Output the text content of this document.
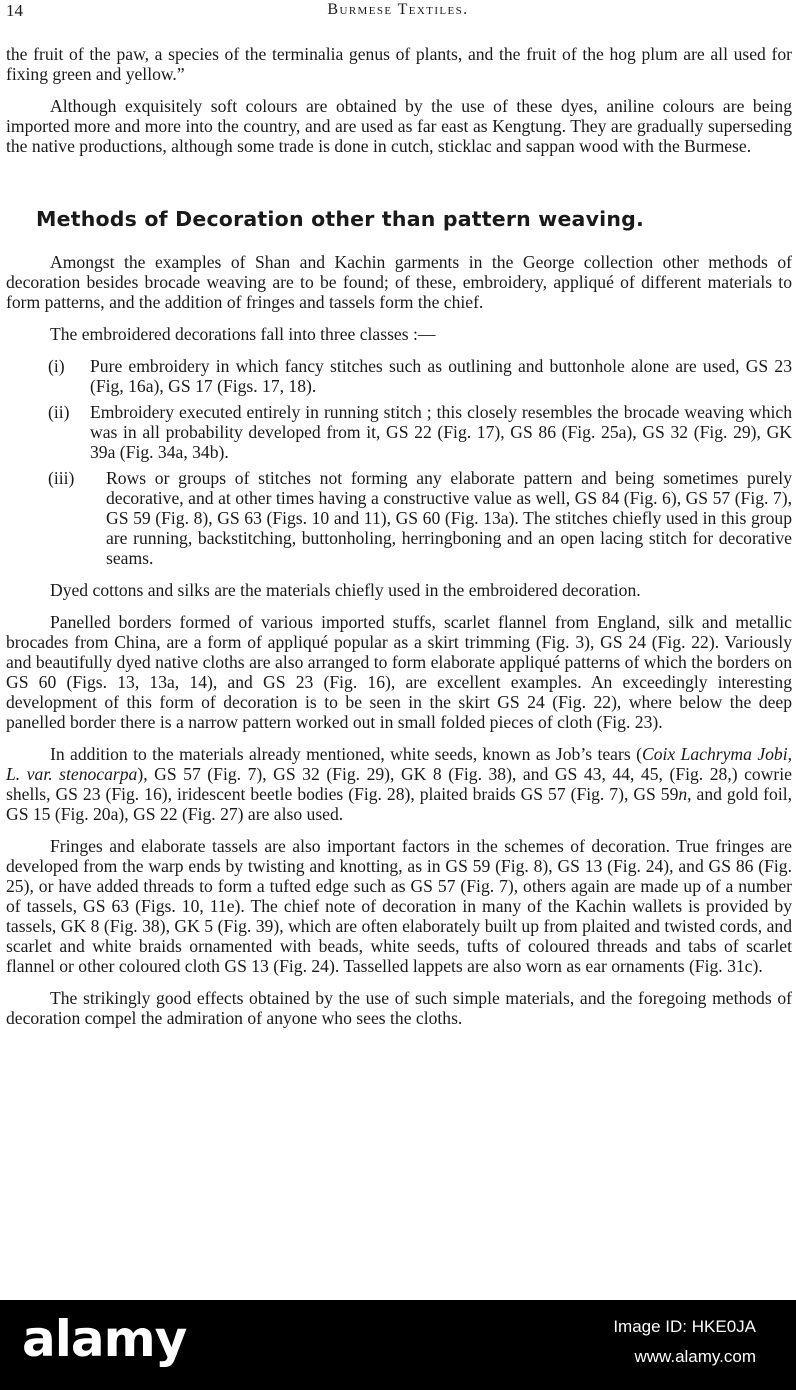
14	Burmese Textiles.

the fruit of the paw, a species of the terminalia genus of plants, and the fruit of the hog plum are all used for fixing green and yellow.”

Although exquisitely soft colours are obtained by the use of these dyes, aniline colours are being imported more and more into the country, and are used as far east as Kengtung. They are gradually superseding the native productions, although some trade is done in cutch, sticklac and sappan wood with the Burmese.

Methods of Decoration other than pattern weaving.

Amongst the examples of Shan and Kachin garments in the George collection other methods of decoration besides brocade weaving are to be found; of these, embroidery, appliqué of different materials to form patterns, and the addition of fringes and tassels form the chief.

The embroidered decorations fall into three classes :—

(i)	Pure embroidery in which fancy stitches such as outlining and buttonhole alone are used, GS 23 (Fig, 16a), GS 17 (Figs. 17, 18).

(ii)	Embroidery executed entirely in running stitch ; this closely resembles the brocade weaving which was in all probability developed from it, GS 22 (Fig. 17), GS 86 (Fig. 25a), GS 32 (Fig. 29), GK 39a (Fig. 34a, 34b).

(iii)	Rows or groups of stitches not forming any elaborate pattern and being sometimes purely decorative, and at other times having a constructive value as well, GS 84 (Fig. 6), GS 57 (Fig. 7), GS 59 (Fig. 8), GS 63 (Figs. 10 and 11), GS 60 (Fig. 13a). The stitches chiefly used in this group are running, backstitching, buttonholing, herringboning and an open lacing stitch for decorative seams.

Dyed cottons and silks are the materials chiefly used in the embroidered decoration.

Panelled borders formed of various imported stuffs, scarlet flannel from England, silk and metallic brocades from China, are a form of appliqué popular as a skirt trimming (Fig. 3), GS 24 (Fig. 22). Variously and beautifully dyed native cloths are also arranged to form elaborate appliqué patterns of which the borders on GS 60 (Figs. 13, 13a, 14), and GS 23 (Fig. 16), are excellent examples. An exceedingly interesting development of this form of decoration is to be seen in the skirt GS 24 (Fig. 22), where below the deep panelled border there is a narrow pattern worked out in small folded pieces of cloth (Fig. 23).

In addition to the materials already mentioned, white seeds, known as Job’s tears (Coix Lachryma Jobi, L. var. stenocarpa), GS 57 (Fig. 7), GS 32 (Fig. 29), GK 8 (Fig. 38), and GS 43, 44, 45, (Fig. 28,) cowrie shells, GS 23 (Fig. 16), iridescent beetle bodies (Fig. 28), plaited braids GS 57 (Fig. 7), GS 59n, and gold foil, GS 15 (Fig. 20a), GS 22 (Fig. 27) are also used.

Fringes and elaborate tassels are also important factors in the schemes of decoration. True fringes are developed from the warp ends by twisting and knotting, as in GS 59 (Fig. 8), GS 13 (Fig. 24), and GS 86 (Fig. 25), or have added threads to form a tufted edge such as GS 57 (Fig. 7), others again are made up of a number of tassels, GS 63 (Figs. 10, 11e). The chief note of decoration in many of the Kachin wallets is provided by tassels, GK 8 (Fig. 38), GK 5 (Fig. 39), which are often elaborately built up from plaited and twisted cords, and scarlet and white braids ornamented with beads, white seeds, tufts of coloured threads and tabs of scarlet flannel or other coloured cloth GS 13 (Fig. 24). Tasselled lappets are also worn as ear ornaments (Fig. 31c).

The strikingly good effects obtained by the use of such simple materials, and the foregoing methods of decoration compel the admiration of anyone who sees the cloths.

alamy	Image ID: HKE0JA
www.alamy.com
